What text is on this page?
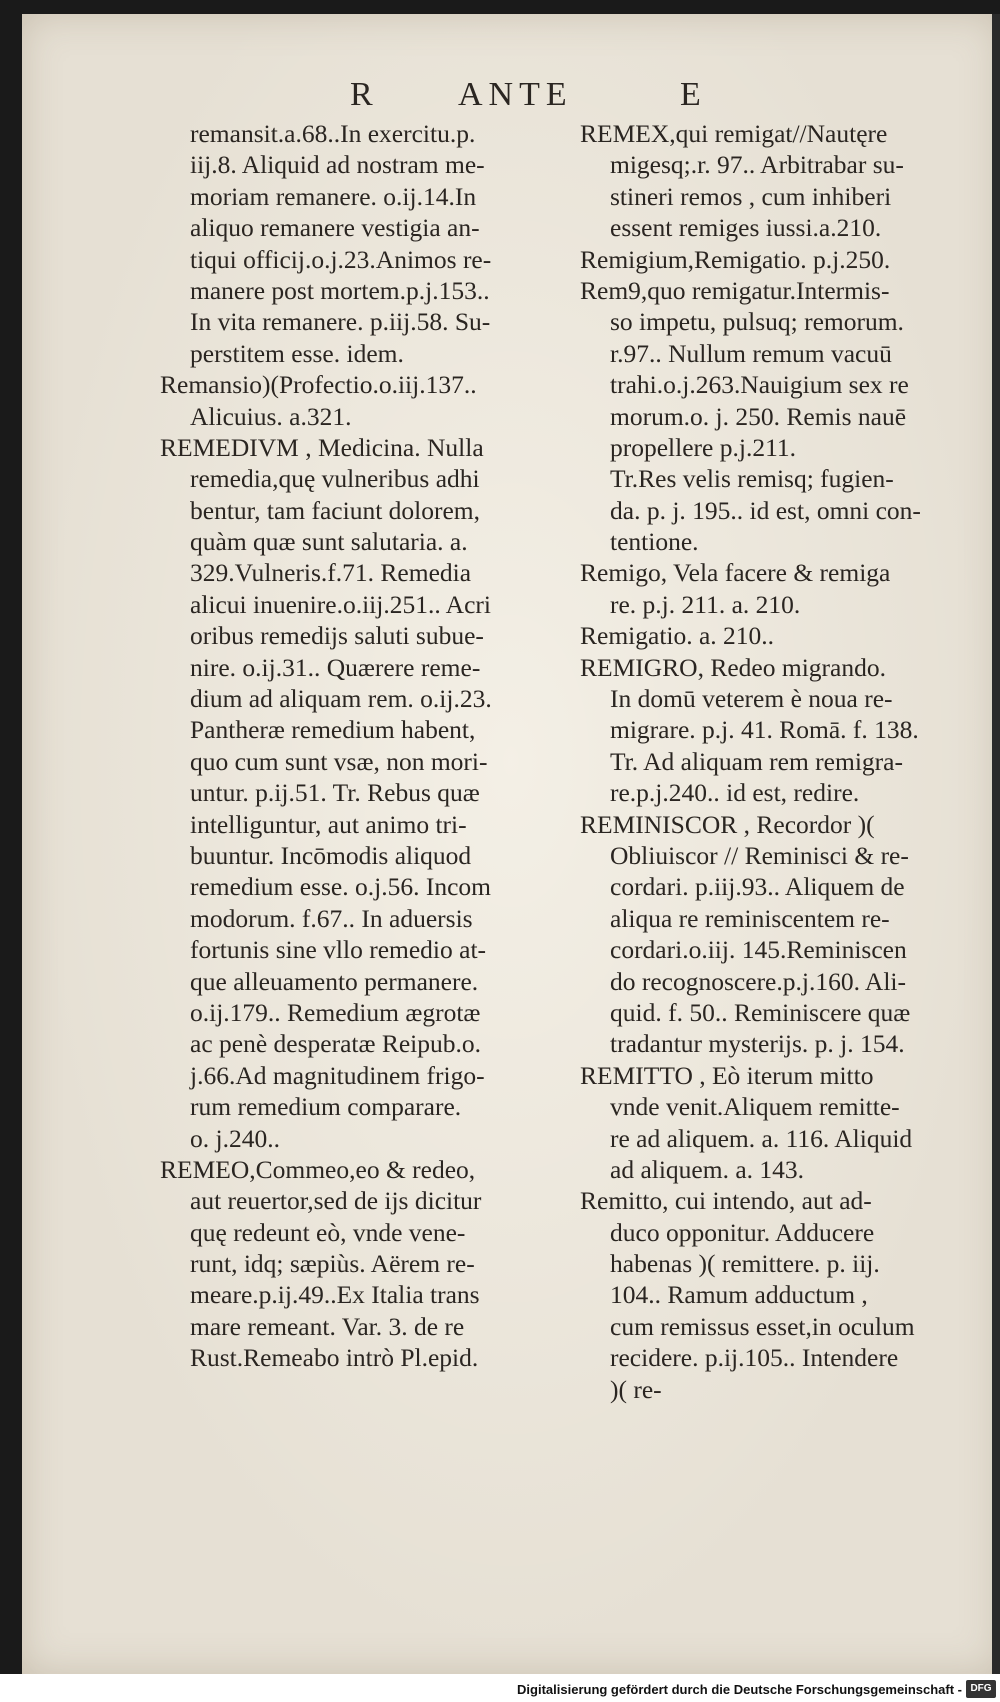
R ANTE	E
remansit.a.68..In exercitu.p.
iij.8. Aliquid ad nostram me-
moriam remanere. o.ij.14.In
aliquo remanere vestigia an-
tiqui officij.o.j.23.Animos re-
manere post mortem.p.j.153..
In vita remanere. p.iij.58. Su-
perstitem esse. idem.
Remansio)(Profectio.o.iij.137..
Alicuius. a.321.
REMEDIVM , Medicina. Nulla
remedia,quę vulneribus adhi
bentur, tam faciunt dolorem,
quàm quæ sunt salutaria. a.
329.Vulneris.f.71. Remedia
alicui inuenire.o.iij.251.. Acri
oribus remedijs saluti subue-
nire. o.ij.31.. Quærere reme-
dium ad aliquam rem. o.ij.23.
Pantheræ remedium habent,
quo cum sunt vsæ, non mori-
untur. p.ij.51. Tr. Rebus quæ
intelliguntur, aut animo tri-
buuntur. Incōmodis aliquod
remedium esse. o.j.56. Incom
modorum. f.67.. In aduersis
fortunis sine vllo remedio at-
que alleuamento permanere.
o.ij.179.. Remedium ægrotæ
ac penè desperatæ Reipub.o.
j.66.Ad magnitudinem frigo-
rum remedium comparare.
o. j.240..
REMEO,Commeo,eo & redeo,
aut reuertor,sed de ijs dicitur
quę redeunt eò, vnde vene-
runt, idq; sæpiùs. Aërem re-
meare.p.ij.49..Ex Italia trans
mare remeant. Var. 3. de re
Rust.Remeabo intrò Pl.epid.
REMEX,qui remigat//Nautęre
migesq;.r. 97.. Arbitrabar su-
stineri remos , cum inhiberi
essent remiges iussi.a.210.
Remigium,Remigatio. p.j.250.
Rem9,quo remigatur.Intermis-
so impetu, pulsuq; remorum.
r.97.. Nullum remum vacuū
trahi.o.j.263.Nauigium sex re
morum.o. j. 250. Remis nauē
propellere p.j.211.
Tr.Res velis remisq; fugien-
da. p. j. 195.. id est, omni con-
tentione.
Remigo, Vela facere & remiga
re. p.j. 211. a. 210.
Remigatio. a. 210..
REMIGRO, Redeo migrando.
In domū veterem è noua re-
migrare. p.j. 41. Romā. f. 138.
Tr. Ad aliquam rem remigra-
re.p.j.240.. id est, redire.
REMINISCOR , Recordor )(
Obliuiscor // Reminisci & re-
cordari. p.iij.93.. Aliquem de
aliqua re reminiscentem re-
cordari.o.iij. 145.Reminiscen
do recognoscere.p.j.160. Ali-
quid. f. 50.. Reminiscere quæ
tradantur mysterijs. p. j. 154.
REMITTO , Eò iterum mitto
vnde venit.Aliquem remitte-
re ad aliquem. a. 116. Aliquid
ad aliquem. a. 143.
Remitto, cui intendo, aut ad-
duco opponitur. Adducere
habenas )( remittere. p. iij.
104.. Ramum adductum ,
cum remissus esset,in oculum
recidere. p.ij.105.. Intendere
)( re-
Digitalisierung gefördert durch die Deutsche Forschungsgemeinschaft - DFG
